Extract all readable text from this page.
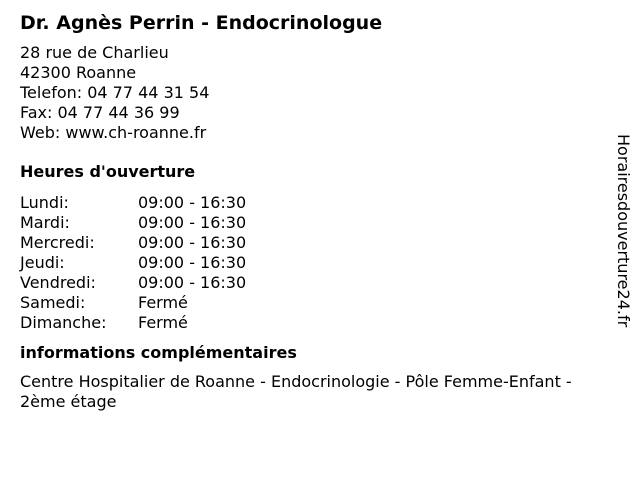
Dr. Agnès Perrin - Endocrinologue
28 rue de Charlieu
42300 Roanne
Telefon: 04 77 44 31 54
Fax: 04 77 44 36 99
Web: www.ch-roanne.fr
Heures d'ouverture
Lundi:	09:00 - 16:30
Mardi:	09:00 - 16:30
Mercredi:	09:00 - 16:30
Jeudi:	09:00 - 16:30
Vendredi:	09:00 - 16:30
Samedi:	Fermé
Dimanche:	Fermé
informations complémentaires
Centre Hospitalier de Roanne - Endocrinologie - Pôle Femme-Enfant - 2ème étage
Horairesdouverture24.fr
